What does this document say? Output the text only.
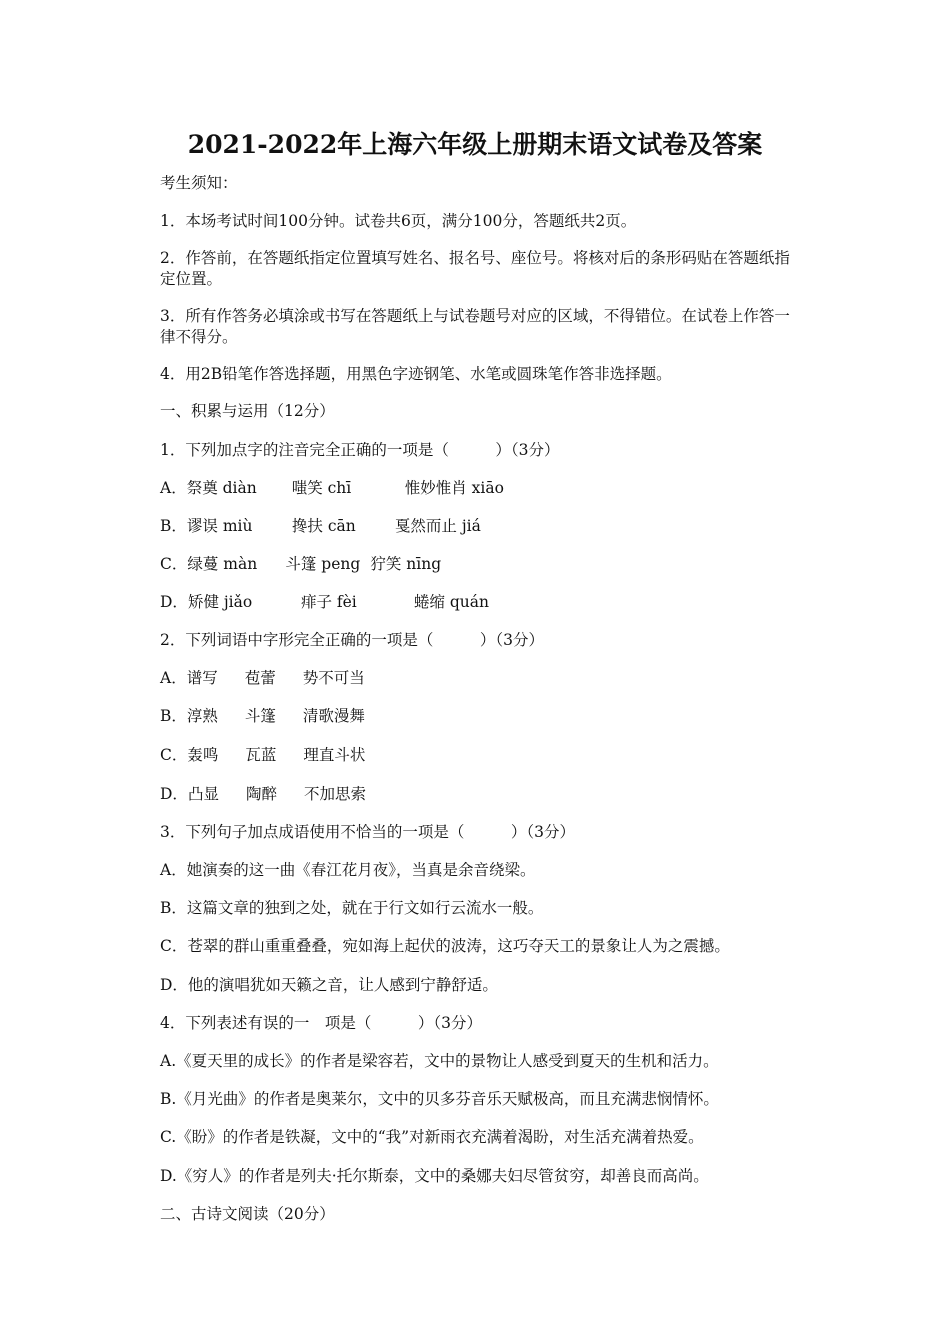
2021-2022年上海六年级上册期末语文试卷及答案
考生须知：
1．本场考试时间100分钟。试卷共6页，满分100分，答题纸共2页。
2．作答前，在答题纸指定位置填写姓名、报名号、座位号。将核对后的条形码贴在答题纸指定位置。
3．所有作答务必填涂或书写在答题纸上与试卷题号对应的区域，不得错位。在试卷上作答一律不得分。
4．用2B铅笔作答选择题，用黑色字迹钢笔、水笔或圆珠笔作答非选择题。
一、积累与运用（12分）
1．下列加点字的注音完全正确的一项是（　　　）（3分）
A．祭奠 diàn 嗤笑 chī	惟妙惟肖 xiāo
B．谬误 miù	搀扶 cān	戛然而止 jiá
C．绿蔓 màn 斗篷 peng 狞笑 nīng
D．矫健 jiǎo	痱子 fèi	蜷缩 quán
2．下列词语中字形完全正确的一项是（　　　）（3分）
A．谱写 苞蕾 势不可当
B．淳熟 斗篷 清歌漫舞
C．轰鸣 瓦蓝 理直斗状
D．凸显 陶醉 不加思索
3．下列句子加点成语使用不恰当的一项是（　　　）（3分）
A．她演奏的这一曲《春江花月夜》，当真是余音绕梁。
B．这篇文章的独到之处，就在于行文如行云流水一般。
C．苍翠的群山重重叠叠，宛如海上起伏的波涛，这巧夺天工的景象让人为之震撼。
D．他的演唱犹如天籁之音，让人感到宁静舒适。
4．下列表述有误的一　项是（　　　）（3分）
A.《夏天里的成长》的作者是梁容若，文中的景物让人感受到夏天的生机和活力。
B.《月光曲》的作者是奥莱尔，文中的贝多芬音乐天赋极高，而且充满悲悯情怀。
C.《盼》的作者是铁凝，文中的“我”对新雨衣充满着渴盼，对生活充满着热爱。
D.《穷人》的作者是列夫·托尔斯泰，文中的桑娜夫妇尽管贫穷，却善良而高尚。
二、古诗文阅读（20分）
